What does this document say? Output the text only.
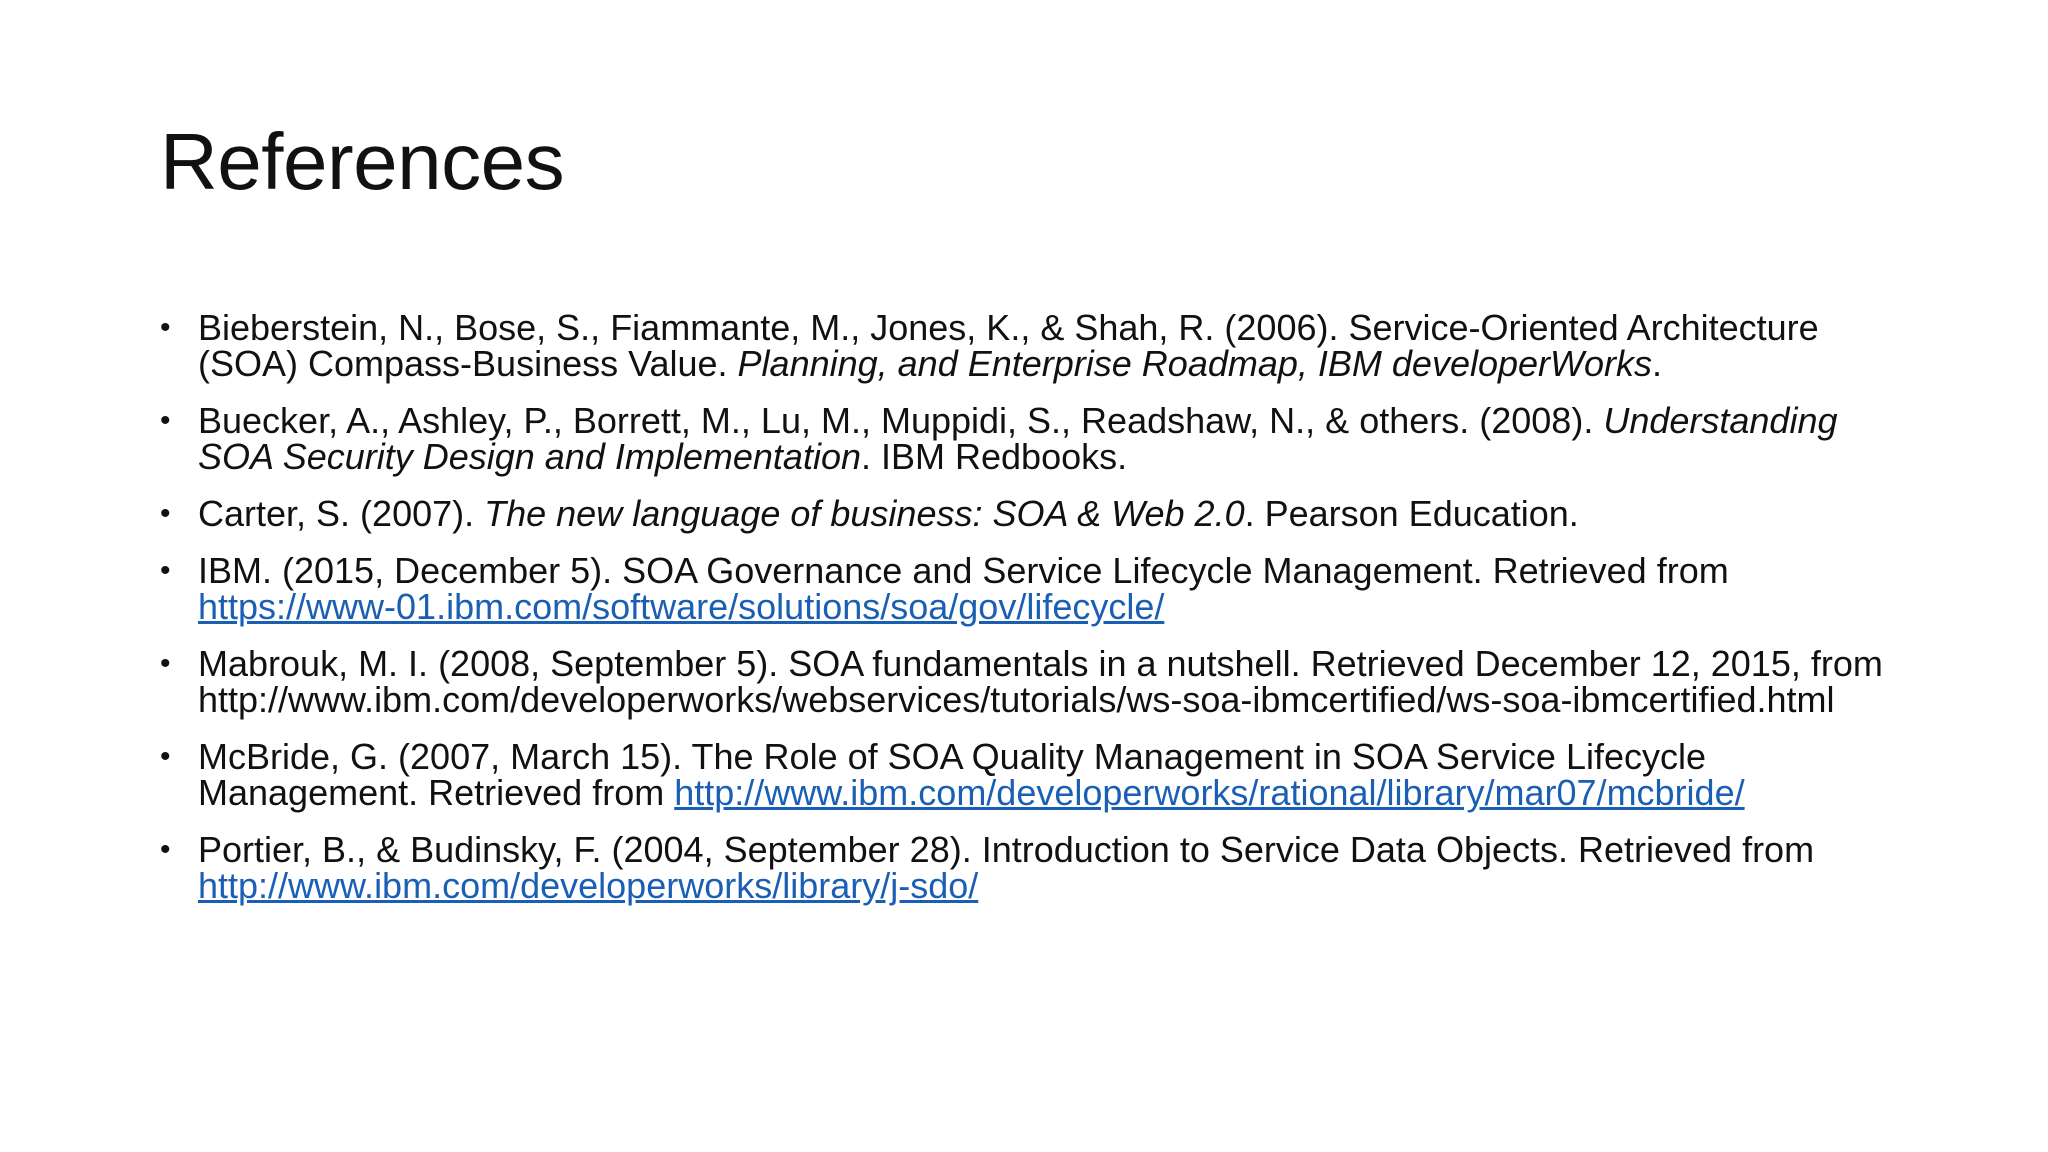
References
• Bieberstein, N., Bose, S., Fiammante, M., Jones, K., & Shah, R. (2006). Service-Oriented Architecture (SOA) Compass-Business Value. Planning, and Enterprise Roadmap, IBM developerWorks.
• Buecker, A., Ashley, P., Borrett, M., Lu, M., Muppidi, S., Readshaw, N., & others. (2008). Understanding SOA Security Design and Implementation. IBM Redbooks.
• Carter, S. (2007). The new language of business: SOA & Web 2.0. Pearson Education.
• IBM. (2015, December 5). SOA Governance and Service Lifecycle Management. Retrieved from https://www-01.ibm.com/software/solutions/soa/gov/lifecycle/
• Mabrouk, M. I. (2008, September 5). SOA fundamentals in a nutshell. Retrieved December 12, 2015, from http://www.ibm.com/developerworks/webservices/tutorials/ws-soa-ibmcertified/ws-soa-ibmcertified.html
• McBride, G. (2007, March 15). The Role of SOA Quality Management in SOA Service Lifecycle Management. Retrieved from http://www.ibm.com/developerworks/rational/library/mar07/mcbride/
• Portier, B., & Budinsky, F. (2004, September 28). Introduction to Service Data Objects. Retrieved from http://www.ibm.com/developerworks/library/j-sdo/
